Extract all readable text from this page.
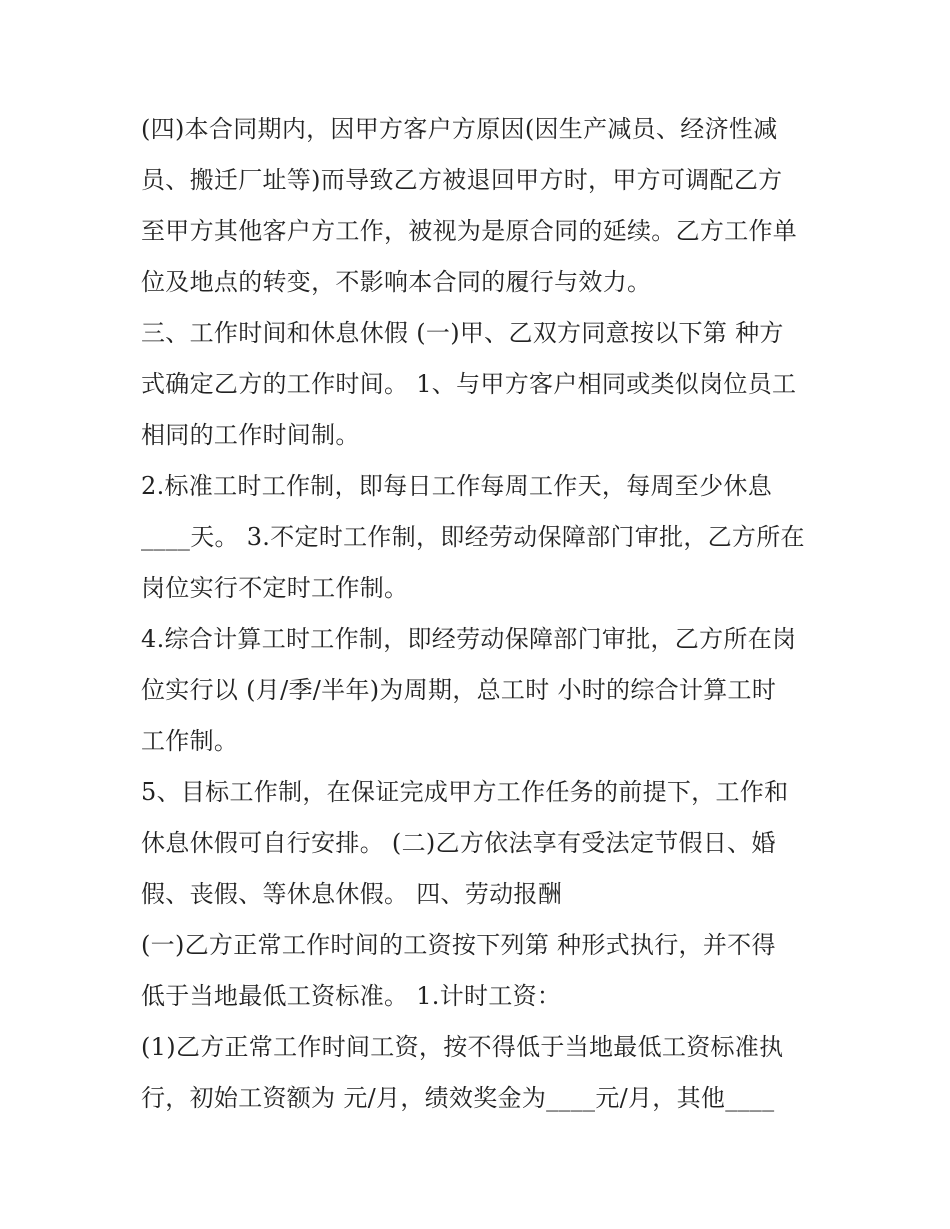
(四)本合同期内，因甲方客户方原因(因生产减员、经济性减
员、搬迁厂址等)而导致乙方被退回甲方时，甲方可调配乙方
至甲方其他客户方工作，被视为是原合同的延续。乙方工作单
位及地点的转变，不影响本合同的履行与效力。
三、工作时间和休息休假 (一)甲、乙双方同意按以下第 种方
式确定乙方的工作时间。 1、与甲方客户相同或类似岗位员工
相同的工作时间制。
2.标准工时工作制，即每日工作每周工作天，每周至少休息
____天。 3.不定时工作制，即经劳动保障部门审批，乙方所在
岗位实行不定时工作制。
4.综合计算工时工作制，即经劳动保障部门审批，乙方所在岗
位实行以 (月/季/半年)为周期，总工时 小时的综合计算工时
工作制。
5、目标工作制，在保证完成甲方工作任务的前提下，工作和
休息休假可自行安排。 (二)乙方依法享有受法定节假日、婚
假、丧假、等休息休假。 四、劳动报酬
(一)乙方正常工作时间的工资按下列第 种形式执行，并不得
低于当地最低工资标准。 1.计时工资：
(1)乙方正常工作时间工资，按不得低于当地最低工资标准执
行，初始工资额为 元/月，绩效奖金为____元/月，其他____
